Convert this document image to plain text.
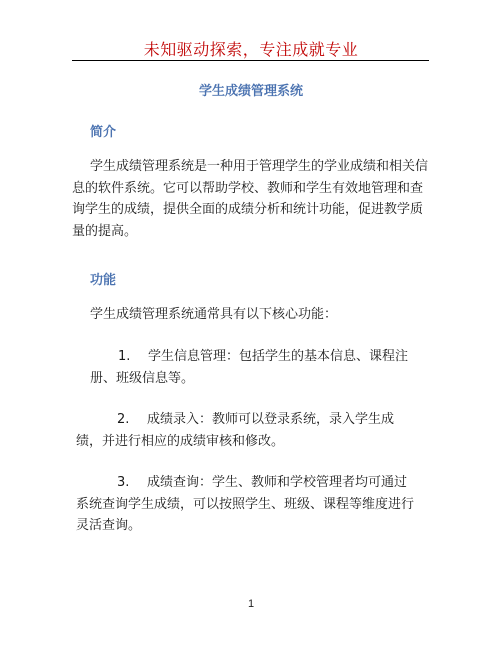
未知驱动探索，专注成就专业
学生成绩管理系统
简介
学生成绩管理系统是一种用于管理学生的学业成绩和相关信息的软件系统。它可以帮助学校、教师和学生有效地管理和查询学生的成绩，提供全面的成绩分析和统计功能，促进教学质量的提高。
功能
学生成绩管理系统通常具有以下核心功能：
1. 学生信息管理：包括学生的基本信息、课程注册、班级信息等。
2. 成绩录入：教师可以登录系统，录入学生成绩，并进行相应的成绩审核和修改。
3. 成绩查询：学生、教师和学校管理者均可通过系统查询学生成绩，可以按照学生、班级、课程等维度进行灵活查询。
1
